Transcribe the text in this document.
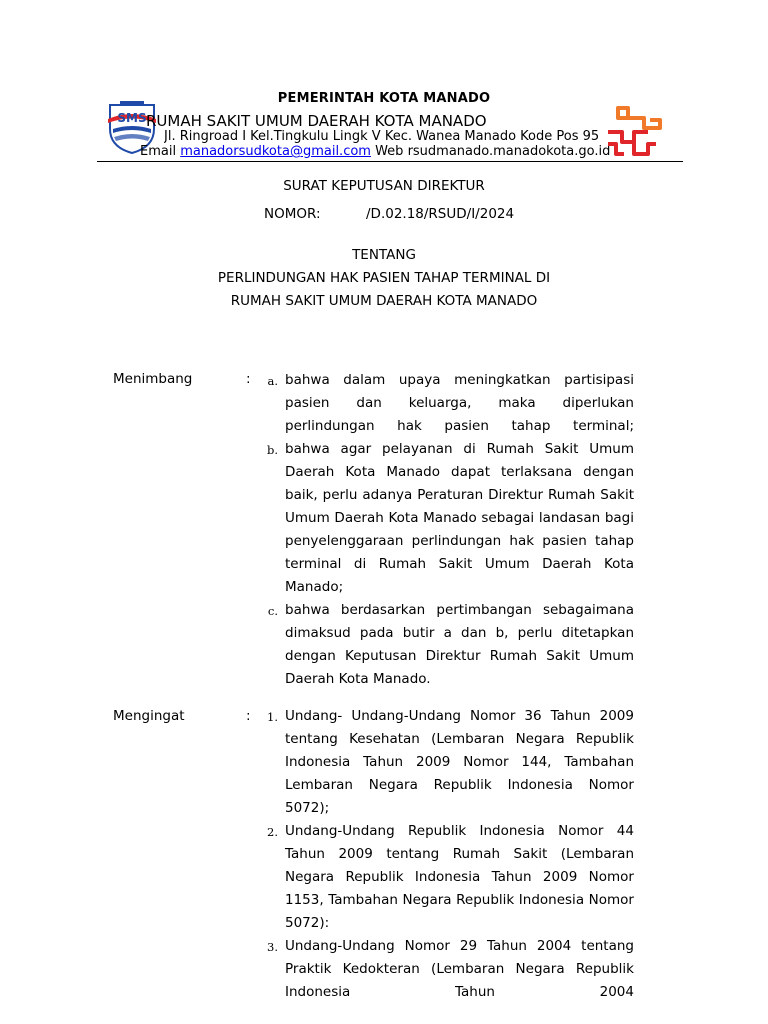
SMS
PEMERINTAH KOTA MANADO
RUMAH SAKIT UMUM DAERAH KOTA MANADO
Jl. Ringroad I Kel.Tingkulu Lingk V Kec. Wanea Manado Kode Pos 95
Email manadorsudkota@gmail.com Web rsudmanado.manadokota.go.id
SURAT KEPUTUSAN DIREKTUR
NOMOR:	/D.02.18/RSUD/I/2024
TENTANG
PERLINDUNGAN HAK PASIEN TAHAP TERMINAL DI
RUMAH SAKIT UMUM DAERAH KOTA MANADO
Menimbang	:	a. bahwa dalam upaya meningkatkan partisipasi pasien dan keluarga, maka diperlukan perlindungan hak pasien tahap terminal;
b. bahwa agar pelayanan di Rumah Sakit Umum Daerah Kota Manado dapat terlaksana dengan baik, perlu adanya Peraturan Direktur Rumah Sakit Umum Daerah Kota Manado sebagai landasan bagi penyelenggaraan perlindungan hak pasien tahap terminal di Rumah Sakit Umum Daerah Kota Manado;
c. bahwa berdasarkan pertimbangan sebagaimana dimaksud pada butir a dan b, perlu ditetapkan dengan Keputusan Direktur Rumah Sakit Umum Daerah Kota Manado.
Mengingat	:	1. Undang- Undang-Undang Nomor 36 Tahun 2009 tentang Kesehatan (Lembaran Negara Republik Indonesia Tahun 2009 Nomor 144, Tambahan Lembaran Negara Republik Indonesia Nomor 5072);
2. Undang-Undang Republik Indonesia Nomor 44 Tahun 2009 tentang Rumah Sakit (Lembaran Negara Republik Indonesia Tahun 2009 Nomor 1153, Tambahan Negara Republik Indonesia Nomor 5072):
3. Undang-Undang Nomor 29 Tahun 2004 tentang Praktik Kedokteran (Lembaran Negara Republik Indonesia Tahun 2004
